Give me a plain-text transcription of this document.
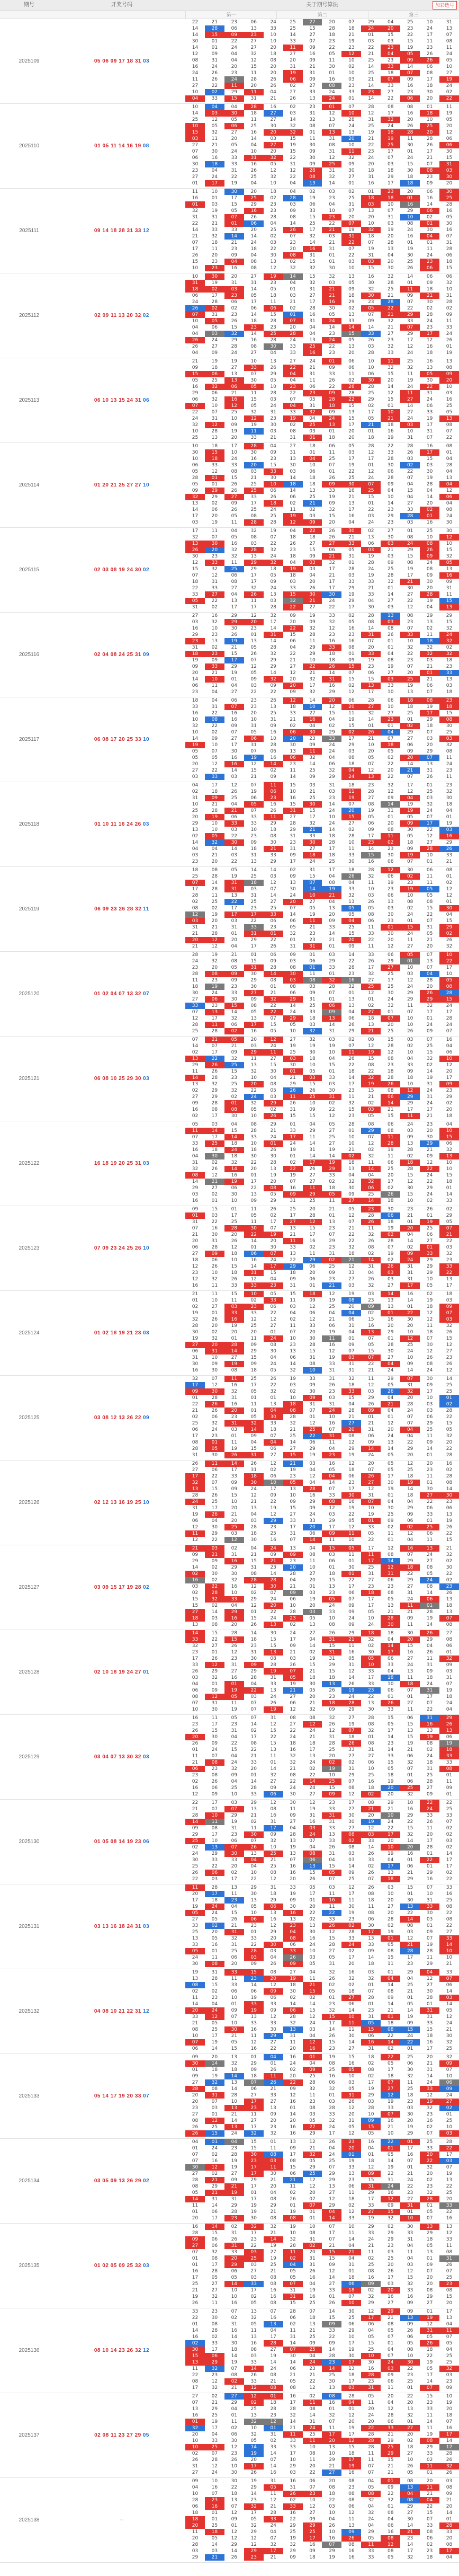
期号	开奖号码	关于期号算法	加彩选号
第一	第二	第三
2025109	05 06 09 17 18 31 03
22	21	23	06	24	25	27	20	07	29	04	25	10	31
14	28	06	13	33	25	15	28	18	24	20	23	24	13
14	15	09	23	10	14	27	18	21	01	15	22	17	07
30	01	22	27	10	33	07	23	19	03	03	15	11	08
14	01	24	27	20	11	09	22	23	22	23	19	23	11
12	09	04	32	18	27	16	05	12	21	04	05	26	24
08	31	04	12	08	20	09	11	10	25	23	09	26	05
16	24	20	15	20	31	21	30	02	14	33	14	06	10
24	26	23	11	20	19	31	01	10	25	18	07	08	27
11	26	24	28	26	06	09	16	03	21	07	09	17	19
27	22	11	20	26	02	27	08	23	14	33	16	18	24
10	02	29	11	04	27	33	24	33	23	27	23	30	02
04	33	15	31	21	26	13	24	01	14	22	06	20	22
2025110	01 05 11 14 16 19 08
10	04	04	28	16	02	23	01	07	28	08	08	01	11
14	03	30	18	27	03	31	12	10	12	17	16	18	19
25	12	05	11	27	14	32	13	28	31	32	20	10	05
10	05	06	25	30	32	08	07	24	25	24	26	25	20
15	32	27	16	20	32	01	13	13	19	18	28	20	12
03	11	20	14	03	15	11	31	20	21	19	11	28	06
27	21	05	04	27	19	30	08	10	22	25	30	26	06
07	30	24	10	20	15	09	31	11	23	17	01	17	30
06	16	33	31	32	22	30	12	32	24	07	24	21	15
30	18	33	16	05	31	09	25	09	20	03	15	07	31
23	04	31	26	12	12	28	31	30	18	18	30	08	03
27	24	22	25	32	22	08	32	27	31	29	18	23	30
01	17	19	04	10	04	13	14	01	16	17	18	09	20
2025111	09 14 18 28 31 33 12
11	10	30	20	18	04	02	03	02	01	23	20	06	30
16	01	17	25	02	28	19	23	25	18	18	01	16	25
01	03	15	29	23	03	06	04	31	03	10	16	14	28
32	19	05	16	23	09	33	10	07	13	07	29	06	16
31	31	07	26	28	08	15	23	20	20	31	10	02	05
22	21	01	06	04	14	25	22	07	10	03	08	01	30
14	33	33	20	25	26	17	21	19	32	19	24	30	16
21	32	14	14	02	07	32	03	31	18	20	16	04	07
07	18	21	24	03	23	14	21	22	07	28	01	01	31
17	11	23	18	22	20	16	31	07	19	13	19	11	28
26	20	09	04	30	08	31	01	22	31	04	30	24	06
15	23	04	08	13	02	15	01	03	03	20	25	23	18
10	23	16	08	12	32	32	30	10	15	30	26	06	15
2025112	02 09 11 13 20 32 02
10	30	20	27	19	14	15	32	13	16	32	14	06	06
31	19	31	31	23	04	32	03	05	30	28	01	09	32
18	02	03	14	05	01	31	21	09	32	25	11	18	10
06	17	23	05	18	03	27	21	18	30	21	09	21	31
24	28	06	17	11	21	17	16	29	23	28	07	30	28
26	02	02	06	06	02	28	30	02	05	22	22	02	02
07	31	23	14	15	01	16	05	13	07	21	29	28	09
10	05	26	18	28	07	31	24	33	09	32	33	24	11
04	06	15	23	23	20	04	14	14	14	21	07	23	33
04	03	32	14	25	28	04	23	15	33	27	29	17	24
26	24	29	16	28	24	13	24	05	26	23	17	12	26
26	27	28	08	30	33	25	22	13	03	32	12	16	01
04	09	24	27	04	33	16	23	20	28	33	24	18	19
2025113	06 10 13 15 24 31 06
21	19	19	10	13	27	24	01	06	10	11	25	16	13
09	18	27	33	26	22	21	09	06	10	32	32	13	08
15	06	13	07	29	04	31	33	11	06	15	11	05	09
05	25	13	30	05	04	11	26	02	30	20	19	30	20
16	32	06	05	10	23	06	22	26	28	14	24	22	10
29	06	21	11	28	22	23	09	28	25	12	11	31	03
06	32	16	15	03	07	05	28	22	29	15	27	24	16
07	10	12	05	24	04	31	18	15	02	01	14	06	25
22	07	25	32	31	33	32	09	13	17	10	27	33	05
24	31	10	12	23	19	04	24	15	05	21	24	19	13
32	12	09	19	30	02	25	13	17	21	18	03	17	08
10	28	19	11	03	08	03	01	20	01	16	10	31	07
25	13	20	33	21	31	01	18	20	18	19	31	07	22
2025114	01 20 21 25 27 27 10
10	18	17	28	04	27	18	06	05	28	22	28	16	08
30	15	10	30	09	31	01	11	03	12	33	26	17	01
10	18	24	16	23	13	04	25	17	17	28	03	15	04
06	33	33	20	15	30	10	07	19	01	30	02	03	28
05	12	08	03	33	03	06	01	22	12	06	22	30	04
28	01	15	21	30	14	18	26	25	24	28	07	19	13
05	01	26	25	10	18	18	09	30	07	09	04	28	04
09	29	26	25	06	14	13	33	16	25	04	15	04	12
32	29	27	33	26	06	25	19	21	15	10	04	14	06
13	02	09	17	18	02	21	09	13	01	14	27	20	04
14	06	26	25	24	11	02	32	17	22	23	33	02	08
17	20	05	08	25	19	03	15	16	03	29	28	01	24
03	19	11	28	28	12	09	20	04	24	23	03	16	30
2025115	02 03 08 19 24 30 02
17	11	04	32	19	04	22	26	30	02	27	01	25	30
32	07	05	08	07	18	18	26	21	13	30	08	10	12
13	30	16	03	22	26	27	27	33	06	03	24	08	10
26	20	32	28	32	23	15	06	05	03	21	29	26	15
30	23	32	13	24	18	09	21	31	19	03	15	09	32
12	33	11	29	32	04	03	32	01	28	09	08	24	05
15	32	25	29	18	19	03	17	28	24	25	19	08	13
07	12	06	17	05	18	04	21	03	19	28	17	09	16
18	31	08	17	09	03	20	17	33	33	32	21	30	09
22	33	27	32	24	33	26	17	29	21	01	30	20	31
33	27	04	26	13	15	30	30	19	33	14	27	28	11
05	22	13	11	03	32	21	24	29	04	27	22	19	15
31	02	17	17	28	22	27	22	17	30	03	12	04	13
2025116	02 04 08 24 25 31 09
27	16	29	12	32	09	19	33	02	28	13	08	29	29
03	32	29	20	17	20	09	32	05	08	03	23	13	15
16	10	30	23	14	22	32	12	16	14	08	07	02	32
29	23	26	01	31	15	28	23	23	31	26	33	11	24
23	13	19	13	14	06	11	16	16	07	01	10	18	32
31	02	21	05	28	04	29	33	08	20	01	32	32	02
18	23	15	26	32	22	29	18	01	33	04	22	32	32
19	09	17	07	29	21	10	18	09	19	08	23	03	18
09	33	29	12	29	27	22	26	15	23	19	07	21	23
20	21	19	05	14	12	21	14	07	06	27	20	01	33
14	10	01	09	32	20	32	31	15	15	03	25	21	13
06	11	04	03	09	20	17	16	02	13	33	19	06	03
23	04	27	22	22	09	32	29	12	17	10	13	07	18
2025117	06 08 17 20 25 33 10
18	04	06	23	26	12	14	20	06	28	06	18	08	23
33	31	07	23	13	18	10	12	20	27	10	18	19	18
16	22	16	20	25	33	27	15	11	32	27	25	17	15
10	08	16	10	31	21	16	04	19	14	23	01	29	08
32	22	09	31	09	02	04	02	15	01	01	02	18	30
10	02	07	05	16	06	30	29	02	26	04	29	07	25
14	09	27	06	10	20	23	33	17	21	07	27	03	03
19	10	17	31	28	30	09	24	29	10	18	06	20	32
05	07	30	07	06	13	11	24	03	20	05	09	29	08
05	05	16	19	16	06	32	04	08	05	02	20	07	11
20	12	16	12	14	23	14	06	18	07	22	14	13	24
27	22	14	15	02	11	25	32	04	12	20	21	31	23
03	33	03	21	09	14	09	29	24	13	22	07	26	11
2025118	01 10 11 16 24 26 03
04	17	12	07	11	15	03	31	18	23	32	17	01	23
02	18	26	19	06	10	21	03	11	28	12	12	25	32
31	09	25	06	23	16	25	23	19	27	09	04	03	30
10	21	04	05	16	15	30	14	07	08	14	19	32	18
25	28	21	07	26	31	15	24	20	19	31	19	24	04
20	19	06	33	11	27	17	10	15	05	01	05	07	01
29	10	33	33	29	28	32	24	27	06	20	09	17	19
13	10	03	10	18	29	21	14	02	09	08	30	22	03
02	05	22	23	08	31	33	18	28	17	11	05	12	16
14	32	30	09	30	23	30	28	10	23	02	18	27	29
04	04	14	18	21	31	27	17	11	14	23	09	28	26
03	21	03	31	33	09	18	18	33	15	30	19	10	33
23	20	22	13	29	17	24	25	30	16	06	07	01	21
2025119	06 09 23 26 28 32 11
18	08	05	14	14	02	31	17	18	28	12	30	06	08
25	28	19	25	03	09	15	04	26	32	06	02	11	01
07	14	31	18	12	13	07	08	04	11	19	23	11	02
17	28	31	03	07	30	14	19	33	10	23	19	05	12
28	11	13	31	14	24	10	21	32	03	06	10	05	12
02	25	22	25	27	20	27	04	13	26	13	08	08	01
08	02	17	23	25	07	05	13	05	05	03	02	15	30
12	19	17	17	33	14	19	20	05	08	30	24	22	04
03	20	03	22	06	06	11	09	04	06	23	01	07	15
31	21	31	33	23	05	21	33	25	11	01	15	31	29
21	28	01	31	01	32	23	14	15	33	30	24	05	02
20	12	20	29	22	01	23	21	20	22	20	11	21	26
21	12	04	17	26	31	31	01	09	11	12	27	20	32
2025120	01 02 04 07 13 32 07
28	19	21	01	06	09	01	03	14	33	06	05	07	10
24	32	08	15	09	03	06	29	22	26	29	01	13	22
23	20	05	31	28	08	01	33	28	17	27	10	07	17
28	08	09	30	14	30	11	01	23	32	25	03	04	10
11	23	09	29	08	03	08	32	16	27	17	12	28	05
18	19	23	30	01	08	03	28	32	25	25	24	20	08
30	24	33	27	21	06	09	07	01	12	30	29	26	28
27	06	30	09	32	29	31	01	13	01	24	29	29	15
33	23	15	08	22	14	25	06	13	02	32	11	32	24
07	13	14	05	22	24	33	09	04	27	01	07	17	17
12	17	32	13	07	29	18	13	06	18	07	10	01	28
28	11	06	17	15	05	03	14	26	13	20	10	24	24
25	28	02	16	05	10	32	31	29	21	25	26	09	07
2025121	06 08 10 25 29 30 03
07	21	05	20	12	27	32	03	02	08	15	03	07	16
14	07	21	03	24	19	19	19	07	12	28	02	25	04
02	17	09	29	11	25	30	10	11	19	12	10	15	06
13	22	32	11	27	03	18	04	26	15	08	04	32	10
29	26	25	13	15	30	10	15	22	08	23	33	02	12
11	26	15	32	30	01	05	01	18	22	18	09	14	20
14	28	23	10	04	21	03	33	14	32	28	18	19	17
13	32	25	20	08	29	15	03	17	19	26	10	31	09
02	29	32	22	05	26	26	30	23	15	08	12	24	23
27	29	02	24	03	11	25	31	11	21	06	29	31	29
09	28	01	32	29	26	10	02	32	02	14	29	24	02
16	08	08	05	02	31	09	22	15	03	21	17	17	20
02	17	30	10	26	15	15	12	23	05	15	11	21	18
2025122	16 18 19 20 25 31 03
05	03	04	08	29	01	04	05	28	08	06	24	23	04
11	14	15	28	21	33	29	27	01	29	08	03	20	10
07	17	14	33	24	17	11	25	10	07	11	09	30	15
33	25	18	10	01	24	14	27	10	12	28	13	29	06
16	18	24	18	26	19	31	19	21	02	19	28	21	32
04	30	18	30	30	01	14	14	02	32	11	02	09	13
31	02	32	22	28	02	17	19	18	11	06	18	12	10
32	26	14	20	13	22	26	29	13	14	25	28	22	10
08	12	16	01	19	19	27	33	04	04	20	15	24	15
14	21	19	17	20	07	27	02	32	32	17	12	22	18
29	27	06	22	08	16	11	18	30	06	02	30	29	01
03	02	30	13	05	09	29	05	09	25	26	15	24	14
16	01	10	09	29	31	25	11	27	14	18	10	02	33
2025123	07 09 23 24 25 26 10
09	15	01	11	26	25	20	21	05	23	30	23	26	02
01	03	17	05	02	17	28	01	12	28	06	21	01	29
31	22	25	11	17	27	12	13	07	26	18	01	19	05
07	16	28	30	07	13	15	23	21	11	19	20	25	07
21	30	20	22	19	21	17	07	22	32	02	04	06	21
20	31	26	14	20	11	16	29	22	26	28	14	27	22
06	28	12	01	30	33	02	23	32	08	07	02	01	03
27	09	18	06	07	13	11	31	18	02	19	09	33	32
18	06	10	16	24	22	29	02	21	14	02	24	29	23
12	26	15	14	17	29	06	25	12	31	26	31	29	33
23	10	18	31	15	18	20	09	33	04	03	31	29	22
12	32	26	12	04	09	06	23	27	26	03	31	10	13
16	11	33	33	23	31	01	21	03	32	27	17	05	17
2025124	01 02 18 19 21 23 03
21	11	15	10	05	15	18	12	19	03	14	16	02	18
01	10	11	02	33	11	09	19	08	23	13	14	19	03
02	27	03	23	06	03	12	25	20	09	13	01	18	09
19	01	33	33	22	04	06	04	04	02	01	22	12	07
32	26	16	12	12	02	12	21	06	15	16	30	12	03
28	20	19	25	27	11	33	06	31	16	20	20	11	32
30	02	20	20	01	07	20	19	04	13	29	10	18	26
19	32	01	11	24	10	30	11	01	07	01	12	07	15
27	20	28	09	08	23	28	16	09	05	28	25	30	12
06	31	14	29	30	13	15	12	07	15	30	24	12	27
31	10	27	15	04	06	31	19	03	07	27	10	26	23
30	09	19	09	24	14	08	33	31	22	04	09	08	26
16	30	08	18	05	32	10	31	31	21	24	14	24	12
2025125	03 08 12 13 26 22 09
32	07	11	25	26	19	33	31	32	11	29	07	30	14
17	12	16	17	22	03	09	26	18	12	05	31	09	25
09	30	32	05	32	02	30	23	33	03	26	32	17	25
01	28	31	01	01	10	09	03	15	29	04	20	10	01
22	26	16	11	13	18	31	31	04	26	21	28	03	02
21	26	20	01	04	08	07	24	28	09	04	24	03	28
02	06	23	05	30	28	01	10	21	01	01	07	06	22
25	32	31	32	33	32	12	16	27	21	12	07	29	15
06	24	03	14	18	21	25	07	20	31	20	04	25	05
17	23	01	09	07	25	22	31	08	06	24	04	11	32
08	01	11	04	04	14	06	11	12	09	13	22	09	20
28	05	19	15	06	27	29	04	29	14	14	29	14	22
31	30	26	31	27	15	19	23	19	24	05	20	01	28
2025126	02 12 13 16 19 25 10
26	11	14	26	12	21	03	16	12	20	05	12	20	16
27	06	17	31	02	19	04	05	18	07	05	25	23	02
17	22	33	18	06	23	12	04	06	26	17	18	11	28
32	07	09	30	10	05	04	14	23	27	30	19	01	08
13	15	09	24	17	13	28	07	17	12	19	14	30	14
28	26	15	12	09	10	16	33	30	31	01	18	27	30
24	25	10	21	22	09	29	08	16	07	04	04	22	23
31	17	20	13	19	15	09	12	19	10	30	29	06	06
19	26	21	04	12	27	24	03	22	19	25	09	33	13
06	04	20	03	29	33	33	29	05	01	09	06	01	19
12	30	25	28	23	17	20	17	12	33	02	02	25	26
11	29	03	18	25	31	06	09	11	05	11	12	06	22
12	22	12	30	16	07	14	11	10	22	01	04	11	15
2025127	03 09 15 17 19 28 02
21	03	02	04	24	13	04	15	05	17	12	16	13	21
09	21	31	21	09	09	08	03	11	11	08	07	24	32
29	09	16	15	21	23	11	06	01	17	14	29	27	02
14	02	29	31	23	20	10	01	30	25	12	18	08	30
02	30	30	08	14	28	27	18	01	31	31	22	05	22
16	02	32	28	28	04	20	15	22	27	06	29	24	02
03	22	16	12	30	21	01	13	17	23	23	27	08	23
02	28	10	02	07	09	03	23	06	18	08	31	14	26
15	32	33	29	24	06	19	05	07	17	05	24	06	13
15	02	04	12	20	10	20	24	09	17	13	11	01	18
27	14	29	01	22	28	03	33	09	05	21	21	28	13
18	03	16	15	24	23	05	10	24	10	28	09	19	07
13	08	20	26	13	02	13	08	09	24	30	11	14	08
2025128	02 10 18 19 24 27 01
14	15	28	14	30	24	27	26	29	18	18	30	26	27
33	22	15	18	15	17	04	31	21	32	04	20	29	08
32	27	26	23	15	09	14	15	11	02	14	15	04	06
23	01	12	31	13	21	02	31	16	30	17	16	26	01
17	26	23	30	08	03	19	31	05	05	06	27	11	32
33	12	31	09	28	26	15	29	31	10	33	24	31	09
26	29	27	29	19	07	21	15	12	33	04	13	09	03
03	32	16	28	31	05	18	18	14	17	18	11	18	31
04	01	01	04	33	19	30	13	26	33	10	18	24	07
06	09	19	22	13	21	05	26	19	23	06	07	31	19
08	12	05	03	24	27	20	23	24	22	01	01	17	18
07	31	11	07	26	06	21	18	28	13	26	27	07	24
10	30	19	07	19	12	32	09	29	30	33	11	22	04
2025129	03 04 07 13 30 32 03
16	11	05	07	31	08	08	32	27	28	15	06	31	29
23	17	23	14	12	27	12	26	19	08	05	15	16	26
26	15	31	02	15	22	24	12	07	32	17	13	13	13
20	30	04	17	22	24	21	31	18	01	14	15	19	06
26	09	22	08	15	18	18	28	26	08	23	19	08	19
01	24	15	22	13	16	17	25	33	31	14	21	02	18
11	07	04	21	11	32	13	20	27	27	33	06	24	33
21	08	24	33	01	32	24	02	02	06	15	32	18	33
06	23	32	20	14	21	02	19	31	10	05	07	31	08
23	08	09	01	32	08	22	10	29	25	18	01	25	01
02	26	04	14	27	22	14	25	07	16	19	06	28	11
16	06	25	28	09	24	24	15	08	18	20	25	27	09
12	09	10	33	06	30	27	09	12	02	20	32	09	01
2025130	01 05 08 14 19 23 06
22	17	03	29	12	30	12	23	17	08	29	10	22	22
21	07	07	13	08	11	19	33	27	21	21	16	24	25
28	10	29	21	16	09	31	31	30	20	10	29	33	33
14	11	19	02	31	27	16	31	30	19	24	22	26	07
09	08	31	11	17	04	03	33	27	12	22	15	11	02
29	17	23	30	09	28	24	13	08	03	17	32	20	02
25	10	06	07	32	13	07	33	02	33	20	14	17	03
02	13	07	26	10	19	04	26	08	14	10	20	28	02
24	29	30	13	25	13	08	31	03	26	19	16	01	14
30	33	33	04	21	07	06	04	03	33	04	01	22	17
25	22	20	04	25	16	13	15	14	02	17	06	01	17
26	06	02	10	08	16	15	05	09	26	13	21	29	02
22	03	17	22	12	20	26	07	25	07	18	29	16	22
2025131	03 13 16 18 24 31 03
11	28	13	29	31	33	05	03	12	26	03	15	07	33
20	17	11	30	18	19	17	11	17	08	10	01	10	16
17	18	23	13	29	09	01	16	11	18	20	30	31	25
19	24	04	05	06	30	20	11	30	11	27	13	33	08
05	24	15	10	13	16	22	22	19	08	20	22	30	22
27	05	26	06	16	13	02	33	23	06	28	14	03	08
33	02	21	23	12	23	13	26	02	30	02	08	01	22
25	20	31	01	29	04	30	12	28	17	19	03	09	27
13	05	32	33	20	08	16	15	33	13	01	12	07	33
33	16	31	22	30	06	24	28	24	33	05	21	19	14
05	01	25	28	03	33	10	27	02	09	08	28	28	10
24	11	06	03	04	26	03	05	17	14	15	17	11	10
30	08	20	09	26	09	05	31	20	18	11	23	29	21
2025132	04 08 10 21 22 31 12
19	31	33	15	08	27	04	32	16	03	01	29	04	33
13	28	11	23	20	19	11	26	32	32	04	04	12	07
08	15	33	14	12	18	21	02	02	01	14	25	27	06
02	02	06	06	09	30	15	05	18	07	08	21	30	14
11	23	10	19	06	02	02	01	27	28	09	01	28	03
14	04	01	33	33	14	14	23	06	01	14	05	01	14
20	24	09	19	09	06	15	32	14	23	21	14	31	05
33	12	07	13	12	28	12	15	10	31	01	19	31	12
21	05	10	33	33	32	24	17	11	05	18	09	33	24
08	25	30	16	30	13	03	14	11	15	08	15	15	21
10	17	21	11	29	31	04	26	30	06	22	24	18	30
07	19	05	12	27	11	12	15	14	16	14	22	16	32
06	14	15	16	22	20	16	23	27	31	02	01	17	25
2025133	05 14 17 19 20 33 07
09	20	13	01	04	16	01	19	15	18	22	25	20	32
30	14	32	29	01	24	04	08	16	02	05	06	21	09
01	18	18	09	26	02	09	25	05	08	17	30	31	07
09	19	14	18	11	20	25	16	10	02	18	32	14	10
27	32	13	07	26	22	28	06	03	17	07	11	24	06
28	08	14	06	21	09	32	32	05	19	27	25	33	09
20	31	28	27	33	12	11	01	31	29	12	18	12	24
20	07	10	17	27	16	23	03	26	03	19	23	19	27
23	03	13	23	13	01	08	28	12	28	33	03	32	02
27	01	21	11	09	14	03	33	20	10	07	30	23	01
08	12	14	27	20	20	05	32	31	09	16	20	16	25
26	25	13	17	23	16	27	24	05	15	21	19	02	10
26	15	24	32	32	16	29	17	12	05	10	29	07	03
2025134	03 05 09 13 26 29 02
04	01	04	15	01	13	12	26	23	16	22	01	25	28
01	24	23	15	11	09	21	04	20	04	01	17	33	22
07	02	28	30	08	17	32	24	01	01	05	16	20	17
07	16	19	23	03	08	05	25	19	18	14	07	22	03
30	12	19	17	11	15	29	07	33	12	19	01	32	07
27	02	27	17	30	06	25	29	13	09	22	21	20	19
28	21	09	29	21	21	12	29	23	15	31	24	02	13
08	29	21	17	20	11	12	13	06	31	24	22	23	22
05	21	19	01	04	02	20	27	11	29	16	23	32	25
14	31	31	17	08	26	07	12	18	17	12	27	28	20
11	14	29	19	29	01	07	29	02	33	09	31	01	33
01	06	28	19	21	19	01	04	12	27	15	01	05	22
20	17	23	30	08	08	01	14	33	19	32	10	07	16
2025135	01 02 05 09 25 32 03
16	14	02	32	32	19	10	07	10	29	02	30	13	13
28	15	31	17	21	10	08	17	11	33	29	33	29	12
09	06	26	23	14	32	31	07	14	24	29	31	18	33
27	06	31	22	19	28	02	21	04	21	23	04	05	11
07	32	33	03	27	11	20	15	21	11	03	11	13	08
01	08	20	25	19	02	31	15	04	02	25	04	01	31
01	17	29	03	25	04	31	09	31	25	20	03	09	26
16	28	06	27	21	05	26	12	01	08	26	12	07	07
17	05	05	03	08	05	16	14	18	16	17	15	20	25
25	27	14	33	08	07	04	27	06	09	03	32	20	23
21	27	10	17	16	31	19	33	18	02	20	33	08	08
19	32	10	02	16	31	16	01	07	32	16	16	29	15
26	11	16	05	08	15	25	26	10	29	27	09	27	20
2025136	08 10 14 23 26 32 12
33	23	07	13	07	28	07	14	30	12	29	09	01	17
22	30	02	32	16	06	18	15	25	17	21	13	19	13
01	08	31	05	13	02	13	09	06	06	08	09	12	04
14	28	16	11	04	11	21	33	29	04	05	26	31	11
16	02	14	13	17	31	25	22	10	05	07	06	05	07
02	33	30	16	28	14	09	09	17	15	01	05	26	05
30	17	18	08	27	07	25	14	19	25	04	08	18	04
15	06	14	03	19	30	04	28	30	10	07	10	22	25
13	29	19	33	14	14	24	23	17	30	24	30	19	25
11	32	07	14	24	06	23	14	13	16	03	22	05	32
22	23	08	26	08	21	21	25	18	28	09	23	17	03
08	12	02	33	21	05	22	30	17	23	06	25	14	23
17	32	21	12	08	08	12	13	03	31	11	01	07	09
2025137	02 08 11 23 27 29 05
27	02	27	12	01	16	02	08	28	05	20	22	15	10
07	21	29	02	18	17	11	16	04	11	04	20	23	19
13	29	04	25	28	28	08	01	01	20	12	13	33	20
16	25	01	13	23	32	14	32	12	24	28	32	11	18
01	19	11	32	12	14	31	07	20	20	06	01	14	07
32	17	02	10	01	21	24	11	19	22	33	27	11	16
20	04	06	32	31	11	25	17	17	28	21	20	19	17
10	33	30	05	02	33	11	20	12	28	29	02	08	14
10	25	12	14	33	33	10	13	15	28	25	18	29	12
02	07	23	19	14	17	08	10	18	11	29	27	33	28
26	28	26	20	07	10	11	29	17	11	15	10	02	26
31	12	10	17	14	29	20	21	19	07	21	26	11	32
27	24	30	26	16	03	22	27	16	07	21	05	01	26
2025138	--
09	10	30	19	31	16	06	20	08	04	01	08	20	03
04	16	22	29	05	31	07	08	23	05	09	13	11	08
10	07	18	14	11	26	23	18	08	08	22	04	21	09
28	23	13	23	12	02	10	22	08	32	32	08	04	21
06	16	07	32	21	33	12	03	06	04	01	29	22	20
18	01	12	17	28	16	27	10	12	32	08	27	15	14
18	01	09	05	33	22	09	04	11	24	04	30	07	01
20	25	01	32	24	29	29	26	13	04	06	14	33	28
11	18	12	29	04	25	25	10	09	29	16	21	08	33
20	05	12	12	07	19	17	16	26	05	08	23	06	20
28	14	29	12	32	32	16	07	08	11	12	14	02	08
03	03	14	29	17	29	09	29	16	33	08	17	23	17
29	21	26	23	21	09	18	19	16	33	05	32	18	04
